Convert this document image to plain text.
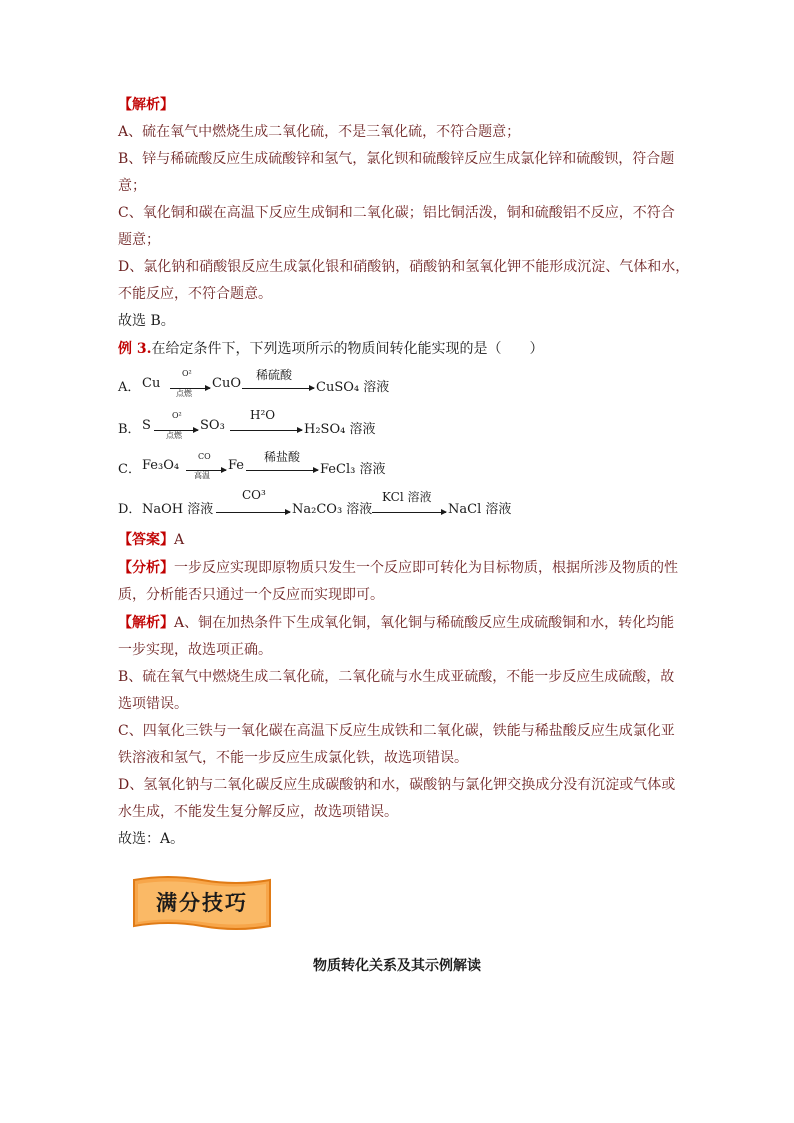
【解析】
A、硫在氧气中燃烧生成二氧化硫，不是三氧化硫，不符合题意；
B、锌与稀硫酸反应生成硫酸锌和氢气，氯化钡和硫酸锌反应生成氯化锌和硫酸钡，符合题
意；
C、氧化铜和碳在高温下反应生成铜和二氧化碳；铝比铜活泼，铜和硫酸铝不反应，不符合
题意；
D、氯化钠和硝酸银反应生成氯化银和硝酸钠，硝酸钠和氢氧化钾不能形成沉淀、气体和水，
不能反应，不符合题意。
故选 B。
例 3.在给定条件下，下列选项所示的物质间转化能实现的是（　　）
A． Cu
O²
点燃
CuO
稀硫酸
CuSO₄ 溶液
B． S
O²
点燃
SO₃
H²O
H₂SO₄ 溶液
C． Fe₃O₄
CO
高温
Fe
稀盐酸
FeCl₃ 溶液
D． NaOH 溶液
CO³
Na₂CO₃ 溶液
KCl 溶液
NaCl 溶液
【答案】A
【分析】一步反应实现即原物质只发生一个反应即可转化为目标物质，根据所涉及物质的性
质，分析能否只通过一个反应而实现即可。
【解析】A、铜在加热条件下生成氧化铜，氧化铜与稀硫酸反应生成硫酸铜和水，转化均能
一步实现，故选项正确。
B、硫在氧气中燃烧生成二氧化硫，二氧化硫与水生成亚硫酸，不能一步反应生成硫酸，故
选项错误。
C、四氧化三铁与一氧化碳在高温下反应生成铁和二氧化碳，铁能与稀盐酸反应生成氯化亚
铁溶液和氢气，不能一步反应生成氯化铁，故选项错误。
D、氢氧化钠与二氧化碳反应生成碳酸钠和水，碳酸钠与氯化钾交换成分没有沉淀或气体或
水生成，不能发生复分解反应，故选项错误。
故选：A。
满分技巧
物质转化关系及其示例解读
